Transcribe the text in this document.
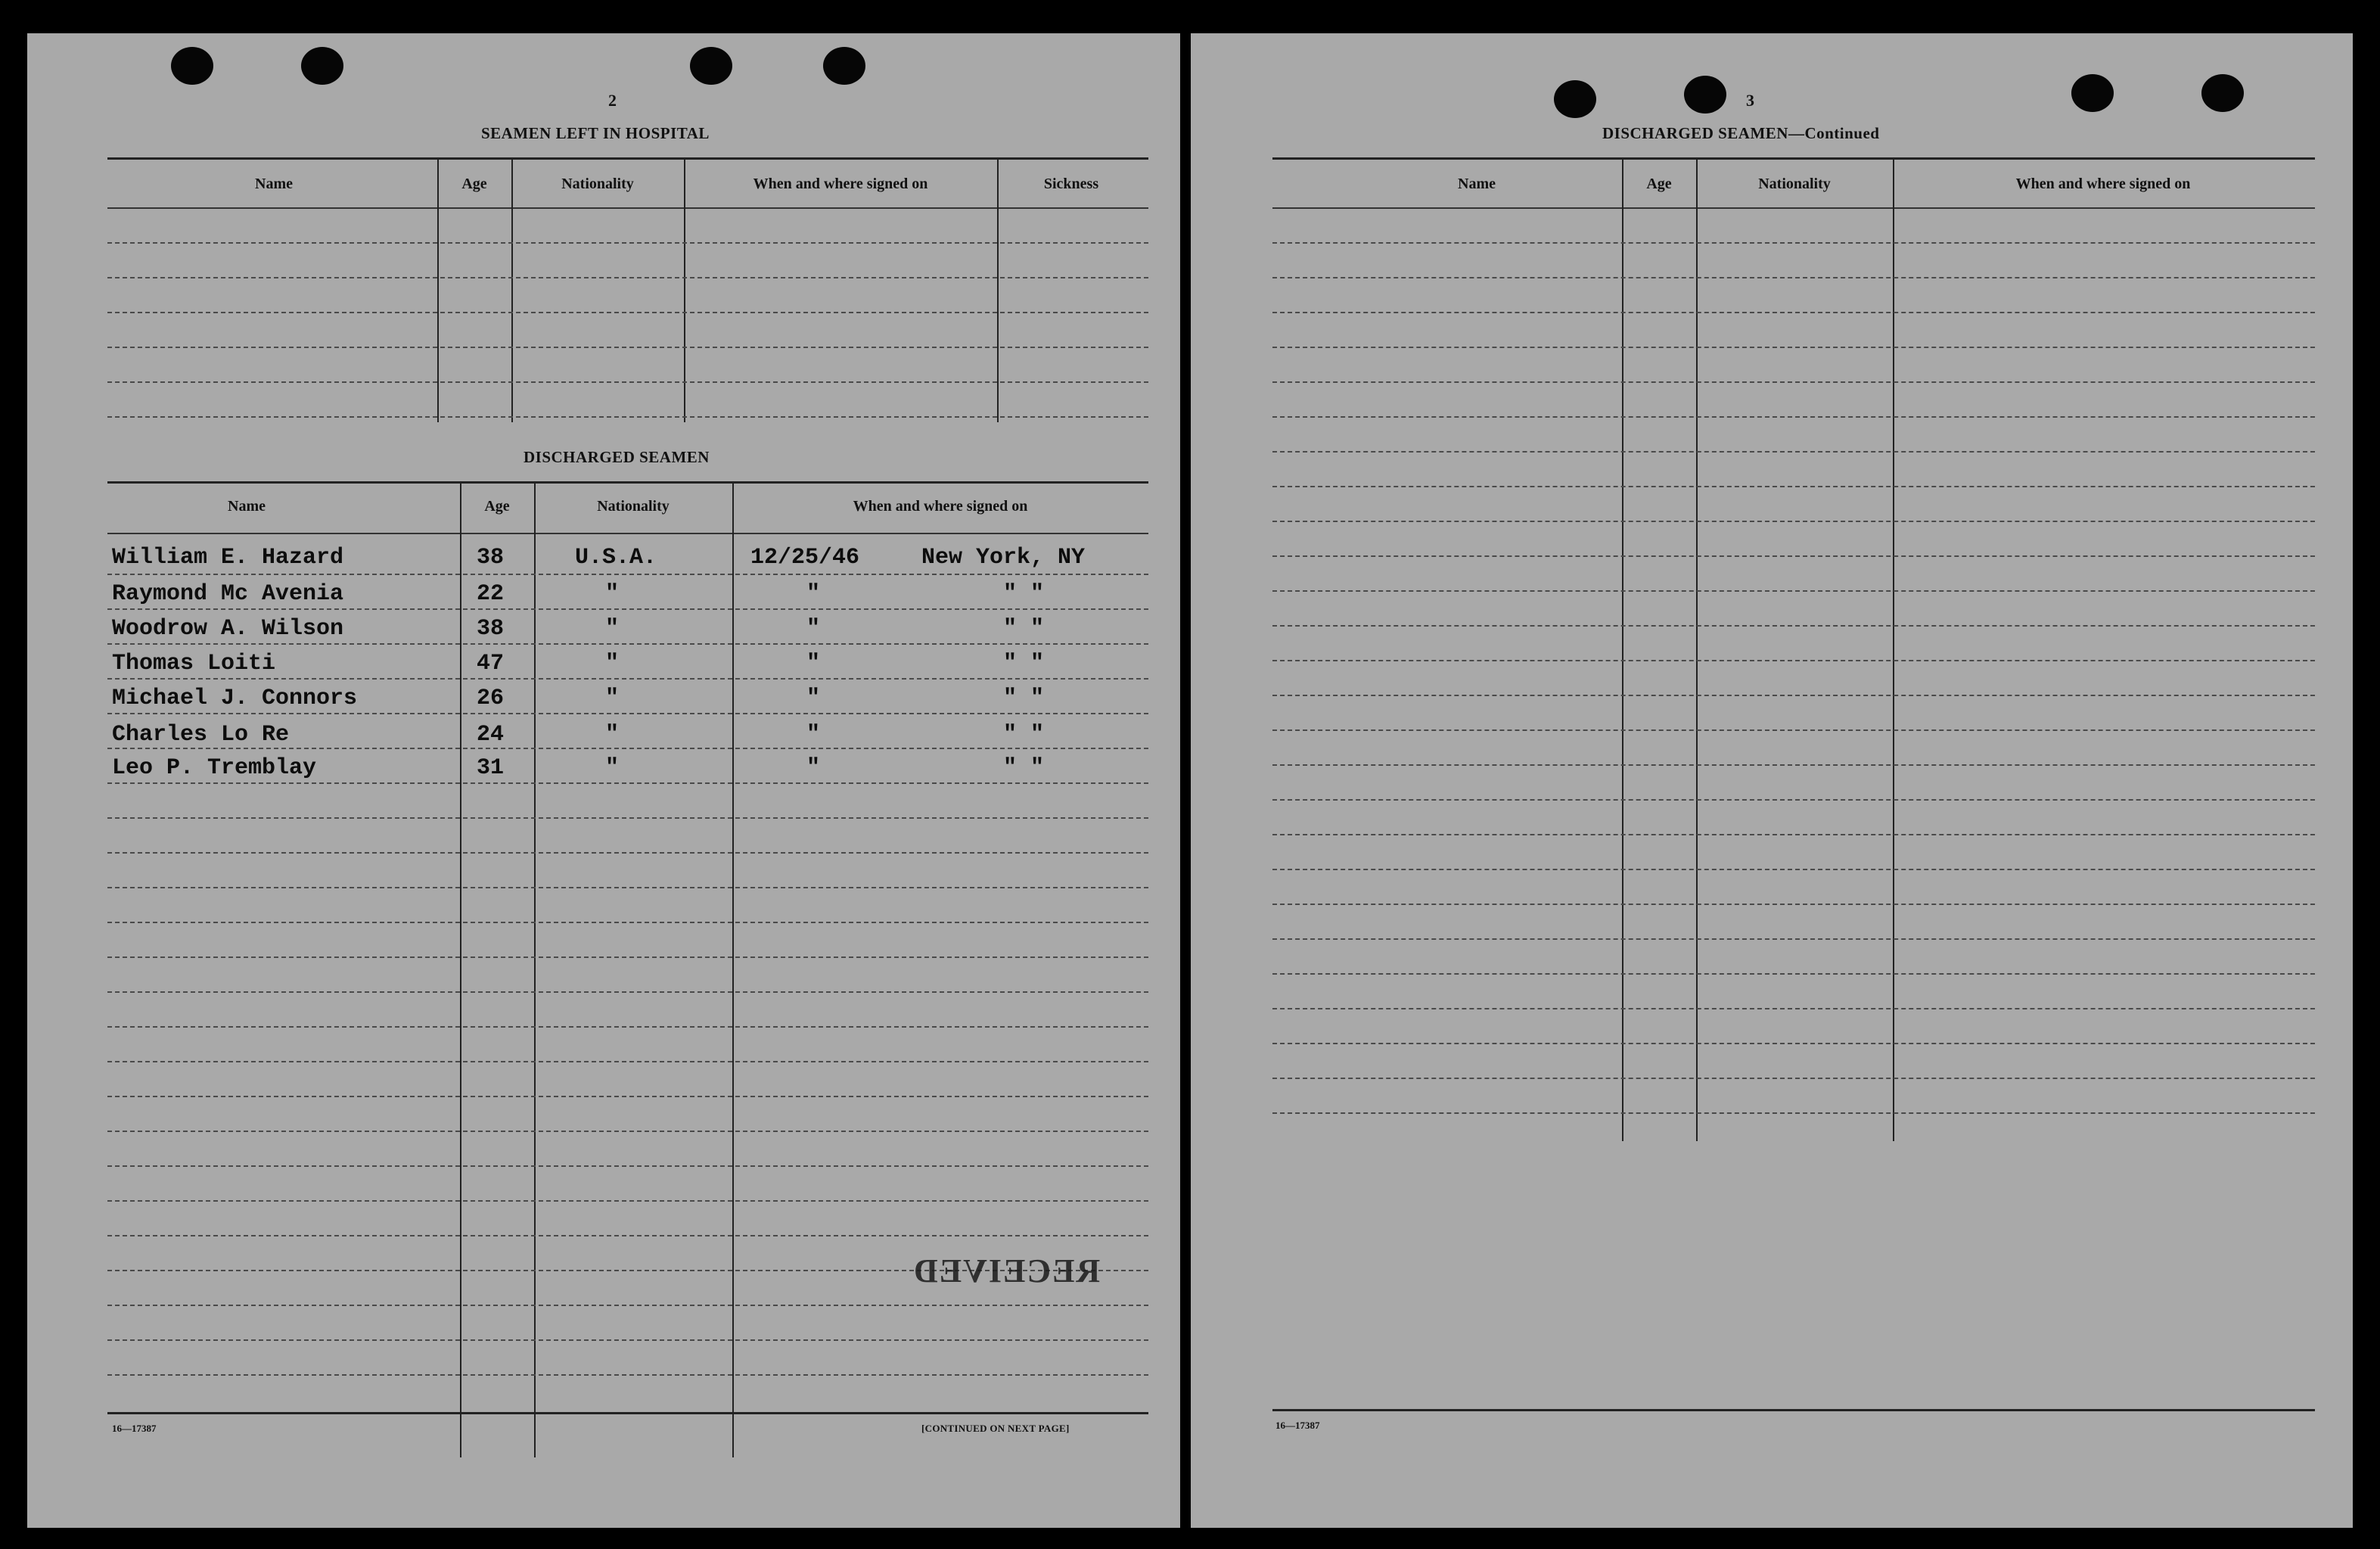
2
SEAMEN LEFT IN HOSPITAL
Name	Age	Nationality	When and where signed on	Sickness
DISCHARGED SEAMEN
Name	Age	Nationality	When and where signed on
William E. Hazard	38	U.S.A.	12/25/46	New York, NY
Raymond Mc Avenia	22	"	"	" "
Woodrow A. Wilson	38	"	"	" "
Thomas Loiti	47	"	"	" "
Michael J. Connors	26	"	"	" "
Charles Lo Re	24	"	"	" "
Leo P. Tremblay	31	"	"	" "
RECEIVED
16—17387	[CONTINUED ON NEXT PAGE]
3
DISCHARGED SEAMEN—Continued
Name	Age	Nationality	When and where signed on
16—17387
